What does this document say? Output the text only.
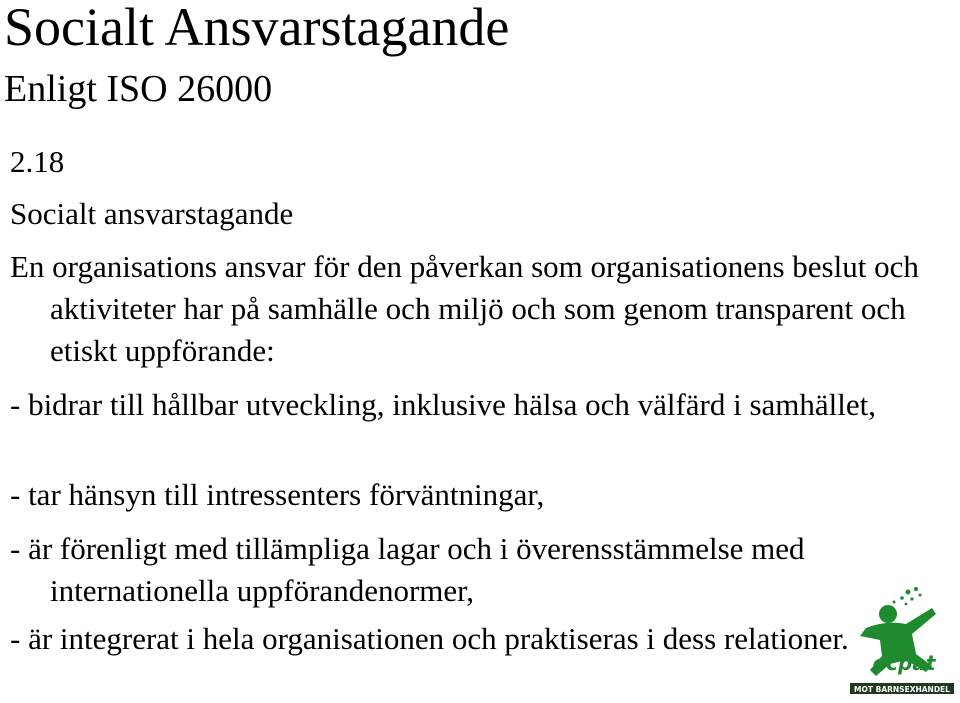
Socialt Ansvarstagande
Enligt ISO 26000
2.18
Socialt ansvarstagande

En organisations ansvar för den påverkan som organisationens beslut och aktiviteter har på samhälle och miljö och som genom transparent och etiskt uppförande:

- bidrar till hållbar utveckling, inklusive hälsa och välfärd i samhället,

- tar hänsyn till intressenters förväntningar,

- är förenligt med tillämpliga lagar och i överensstämmelse med internationella uppförandenormer,

- är integrerat i hela organisationen och praktiseras i dess relationer.

ecpat
MOT BARNSEXHANDEL
